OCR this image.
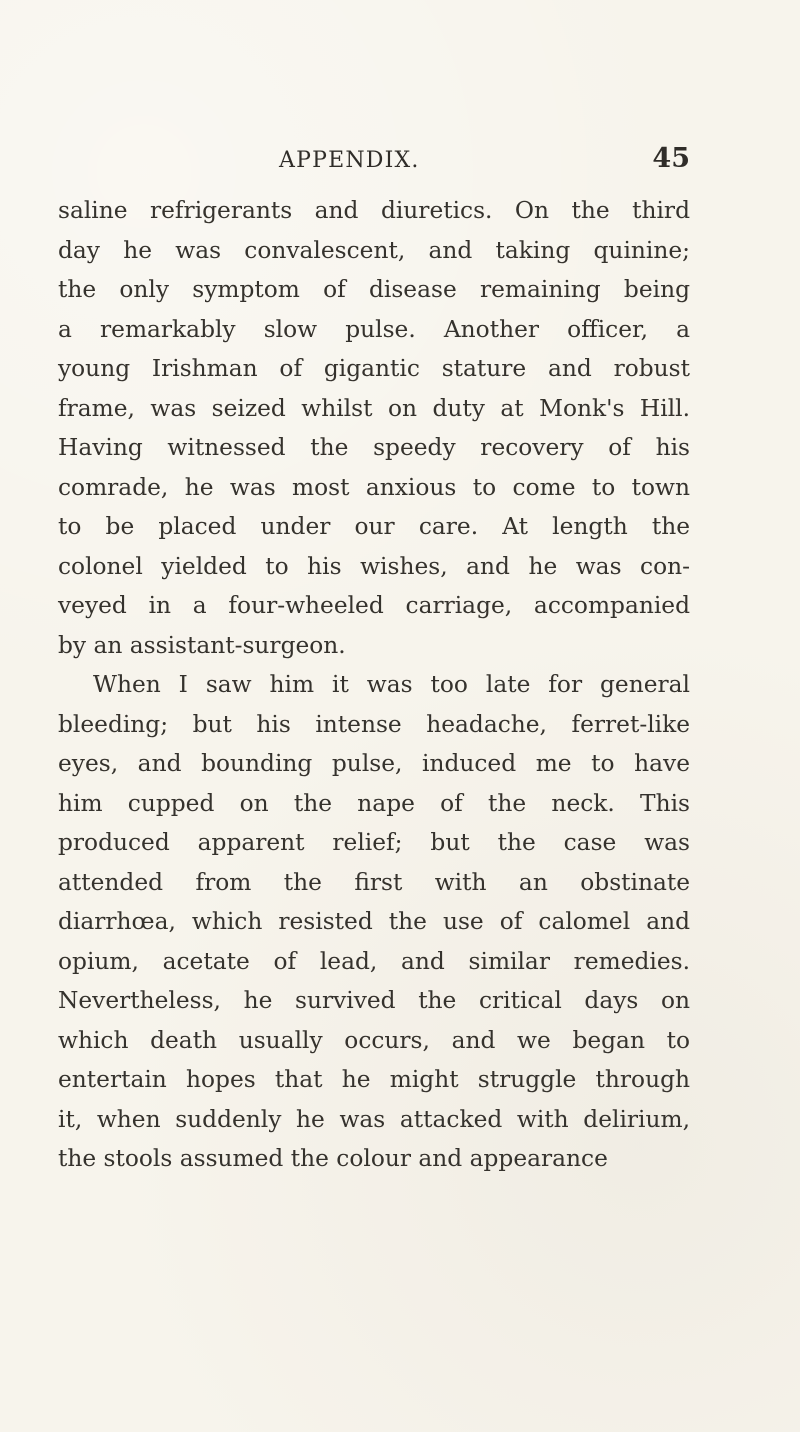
APPENDIX.	45
saline refrigerants and diuretics. On the third
day he was convalescent, and taking quinine;
the only symptom of disease remaining being
a remarkably slow pulse. Another officer, a
young Irishman of gigantic stature and robust
frame, was seized whilst on duty at Monk's Hill.
Having witnessed the speedy recovery of his
comrade, he was most anxious to come to town
to be placed under our care. At length the
colonel yielded to his wishes, and he was con-
veyed in a four-wheeled carriage, accompanied
by an assistant-surgeon.
When I saw him it was too late for general
bleeding; but his intense headache, ferret-like
eyes, and bounding pulse, induced me to have
him cupped on the nape of the neck. This
produced apparent relief; but the case was
attended from the first with an obstinate
diarrhœa, which resisted the use of calomel and
opium, acetate of lead, and similar remedies.
Nevertheless, he survived the critical days on
which death usually occurs, and we began to
entertain hopes that he might struggle through
it, when suddenly he was attacked with delirium,
the stools assumed the colour and appearance
